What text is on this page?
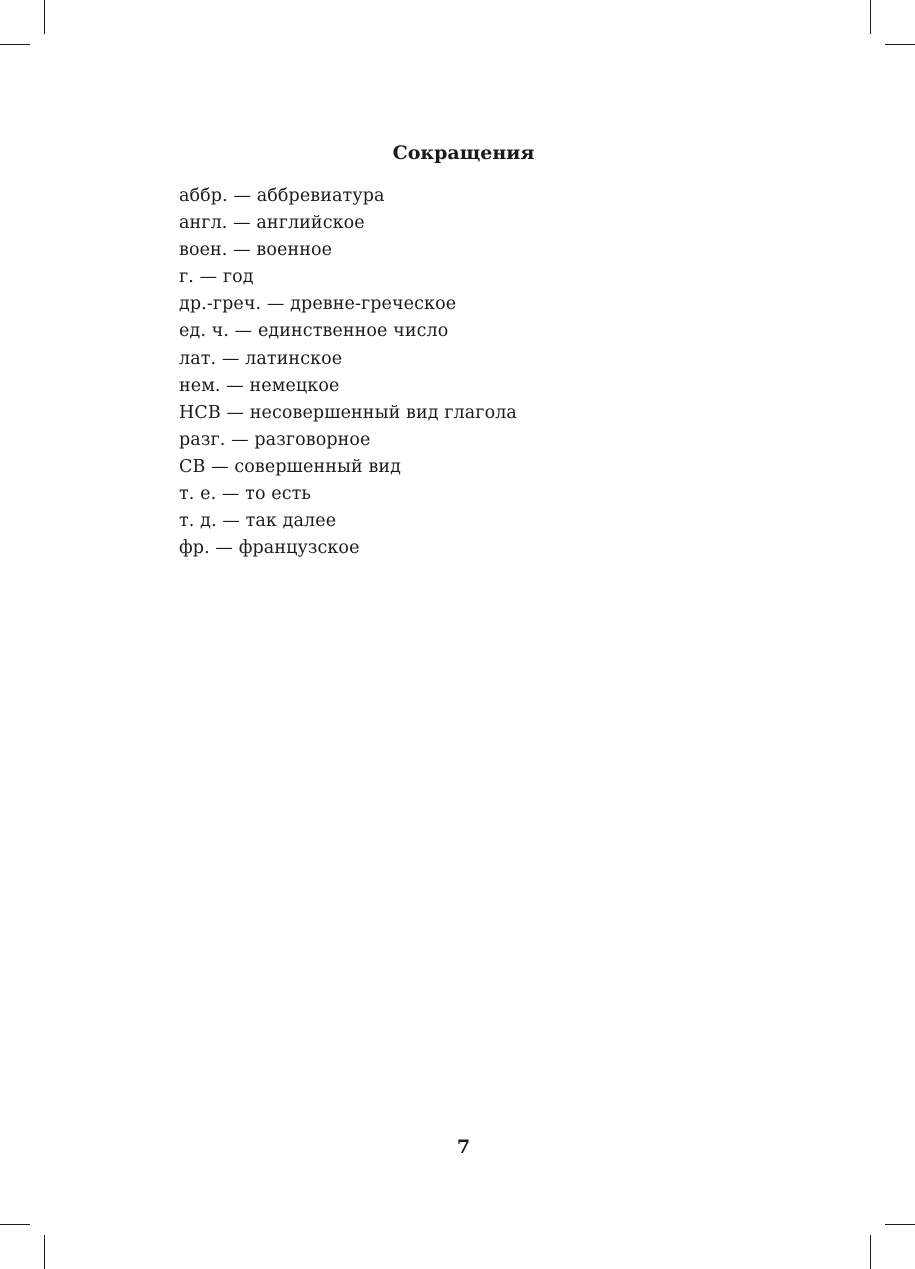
Сокращения
аббр. — аббревиатура
англ. — английское
воен. — военное
г. — год
др.-греч. — древне-греческое
ед. ч. — единственное число
лат. — латинское
нем. — немецкое
НСВ — несовершенный вид глагола
разг. — разговорное
СВ — совершенный вид
т. е. — то есть
т. д. — так далее
фр. — французское
7
